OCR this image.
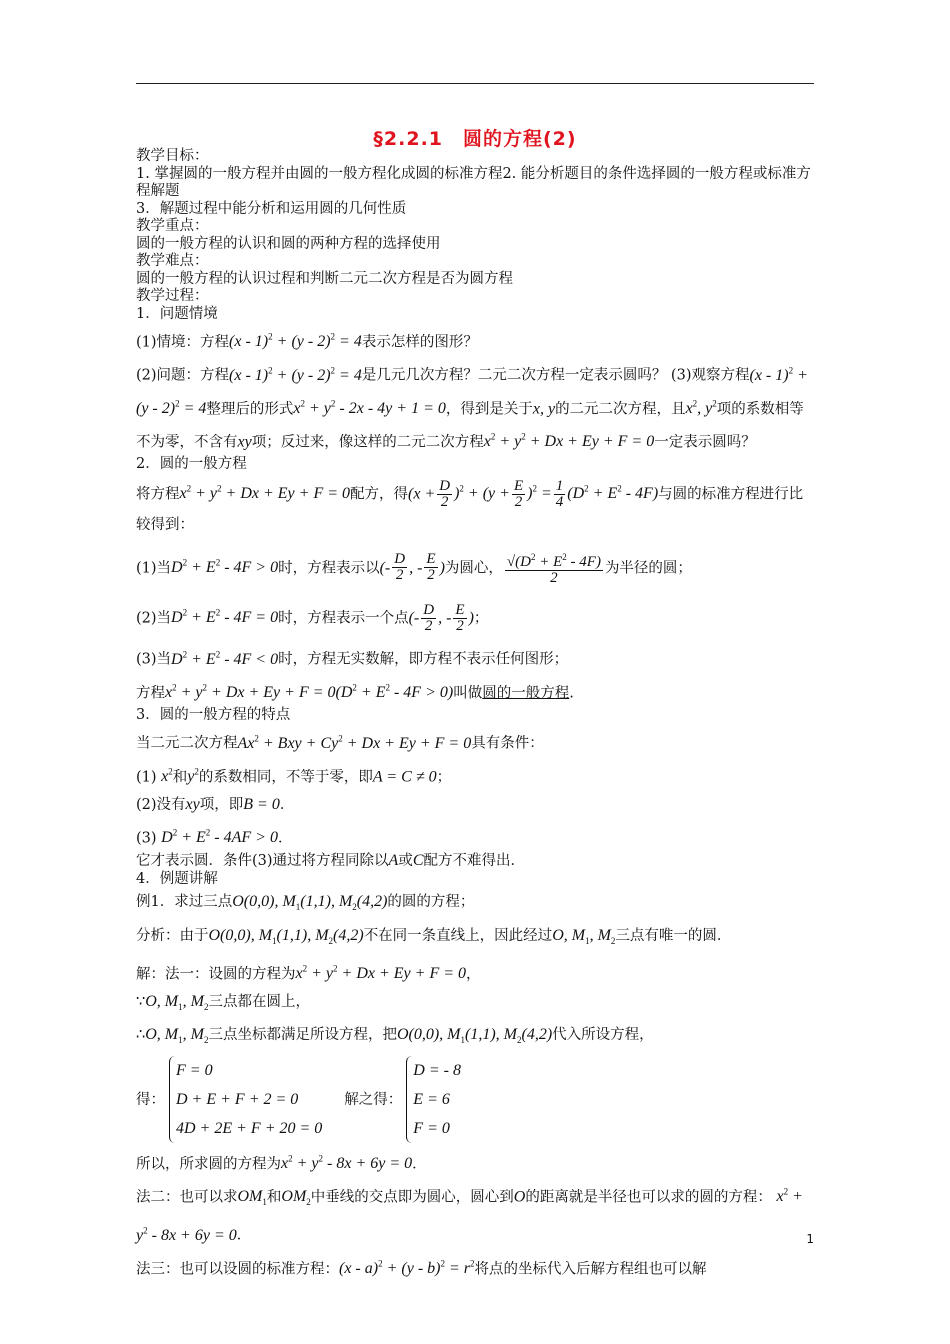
§2.2.1　圆的方程(2)

教学目标：

1. 掌握圆的一般方程并由圆的一般方程化成圆的标准方程2. 能分析题目的条件选择圆的一般方程或标准方程解题

3．解题过程中能分析和运用圆的几何性质

教学重点：

圆的一般方程的认识和圆的两种方程的选择使用

教学难点：

圆的一般方程的认识过程和判断二元二次方程是否为圆方程

教学过程：

1．问题情境

(1)情境：方程(x - 1)$^2$ + (y - 2)$^2$ = 4表示怎样的图形？

(2)问题：方程(x - 1)$^2$ + (y - 2)$^2$ = 4是几元几次方程？二元二次方程一定表示圆吗？ (3)观察方程(x - 1)$^2$ + (y - 2)$^2$ = 4整理后的形式$x^2 + y^2 - 2x - 4y + 1 = 0$，得到是关于x, y的二元二次方程，且$x^2$, $y^2$项的系数相等不为零，不含有xy项；反过来，像这样的二元二次方程$x^2 + y^2 + Dx + Ey + F = 0$一定表示圆吗？

2．圆的一般方程

将方程$x^2 + y^2 + Dx + Ey + F = 0$配方，得$(x + \frac{D}{2} )^2 + (y + \frac{E}{2} )^2 = \frac{1}{4} (D^2 + E^2 - 4F)$与圆的标准方程进行比较得到：

(1)当$D^2 + E^2 - 4F > 0$时，方程表示以(- $\frac{D}{2}$ , - $\frac{E}{2}$ )为圆心， $\frac{√(D^2 + E^2 - 4F)}{2}$ 为半径的圆；

(2)当$D^2 + E^2 - 4F = 0$时，方程表示一个点(- $\frac{D}{2}$ , - $\frac{E}{2}$ )；

(3)当$D^2 + E^2 - 4F < 0$时，方程无实数解，即方程不表示任何图形；

方程$x^2 + y^2 + Dx + Ey + F = 0(D^2 + E^2 - 4F > 0)$叫做圆的一般方程.

3．圆的一般方程的特点

当二元二次方程$Ax^2$ + Bxy + $Cy^2 + Dx + Ey + F = 0$具有条件：

(1) $x^2$和$y^2$的系数相同，不等于零，即A = C ≠ 0；

(2)没有xy项，即B = 0．

(3) $D^2 + E^2 - 4AF > 0$．

它才表示圆．条件(3)通过将方程同除以A或C配方不难得出．

4．例题讲解

例1．求过三点O(0,0), $M_1(1,1)$, $M_2(4,2)$的圆的方程；

分析：由于O(0,0), $M_1(1,1)$, $M_2(4,2)$不在同一条直线上，因此经过O, $M_1$, $M_2$三点有唯一的圆．

解：法一：设圆的方程为$x^2 + y^2 + Dx + Ey + F = 0$，

∵O, $M_1$, $M_2$三点都在圆上，

∴O, $M_1$, $M_2$三点坐标都满足所设方程，把O(0,0), $M_1(1,1)$, $M_2(4,2)$代入所设方程，

得：
F = 0
D + E + F + 2 = 0
4D + 2E + F + 20 = 0
解之得：
D = - 8
E = 6
F = 0

所以，所求圆的方程为$x^2 + y^2 - 8x + 6y = 0$．

法二：也可以求$OM_1$和$OM_2$中垂线的交点即为圆心，圆心到O的距离就是半径也可以求的圆的方程： $x^2 + y^2 - 8x + 6y = 0$．

法三：也可以设圆的标准方程：$(x - a)^2 + (y - b)^2 = r^2$将点的坐标代入后解方程组也可以解

1
